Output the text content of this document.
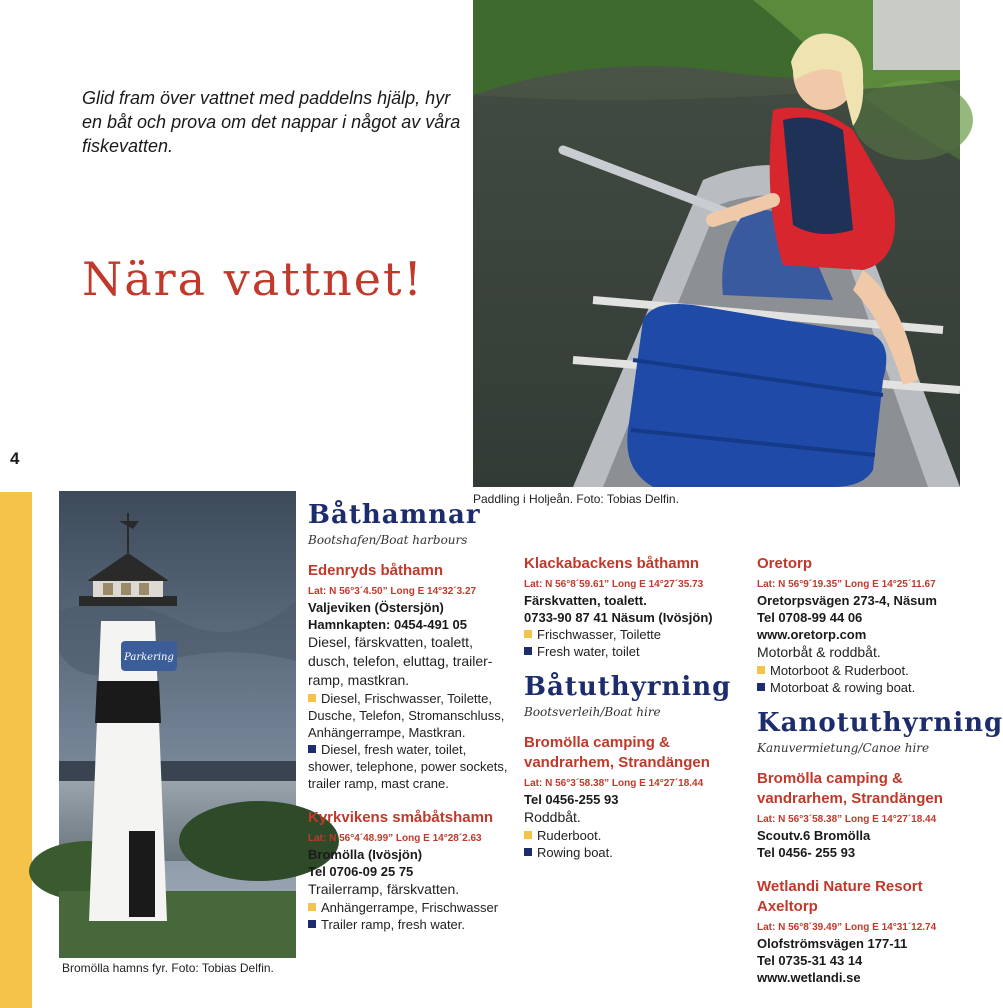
Glid fram över vattnet med paddelns hjälp, hyr en båt och prova om det nappar i något av våra fiskevatten.

Nära vattnet!
4
Parkering
Bromölla hamns fyr. Foto: Tobias Delfin.
Paddling i Holjeån. Foto: Tobias Delfin.
Båthamnar
Bootshafen/Boat harbours
Edenryds båthamn
Lat: N 56°3´4.50” Long E 14°32´3.27
Valjeviken (Östersjön)
Hamnkapten: 0454-491 05
Diesel, färskvatten, toalett, dusch, telefon, eluttag, trailer-ramp, mastkran.
Diesel, Frischwasser, Toilette, Dusche, Telefon, Stromanschluss, Anhängerrampe, Mastkran.
Diesel, fresh water, toilet, shower, telephone, power sockets, trailer ramp, mast crane.
Kyrkvikens småbåtshamn
Lat: N 56°4´48.99” Long E 14°28´2.63
Bromölla (Ivösjön)
Tel 0706-09 25 75
Trailerramp, färskvatten.
Anhängerrampe, Frischwasser
Trailer ramp, fresh water.
Klackabackens båthamn
Lat: N 56°8´59.61” Long E 14°27´35.73
Färskvatten, toalett.
0733-90 87 41 Näsum (Ivösjön)
Frischwasser, Toilette
Fresh water, toilet
Båtuthyrning
Bootsverleih/Boat hire
Bromölla camping & vandrarhem, Strandängen
Lat: N 56°3´58.38” Long E 14°27´18.44
Tel 0456-255 93
Roddbåt.
Ruderboot.
Rowing boat.
Oretorp
Lat: N 56°9´19.35” Long E 14°25´11.67
Oretorpsvägen 273-4, Näsum
Tel 0708-99 44 06
www.oretorp.com
Motorbåt & roddbåt.
Motorboot & Ruderboot.
Motorboat & rowing boat.
Kanotuthyrning
Kanuvermietung/Canoe hire
Bromölla camping & vandrarhem, Strandängen
Lat: N 56°3´58.38” Long E 14°27´18.44
Scoutv.6 Bromölla
Tel 0456- 255 93
Wetlandi Nature Resort Axeltorp
Lat: N 56°8´39.49” Long E 14°31´12.74
Olofströmsvägen 177-11
Tel 0735-31 43 14
www.wetlandi.se
